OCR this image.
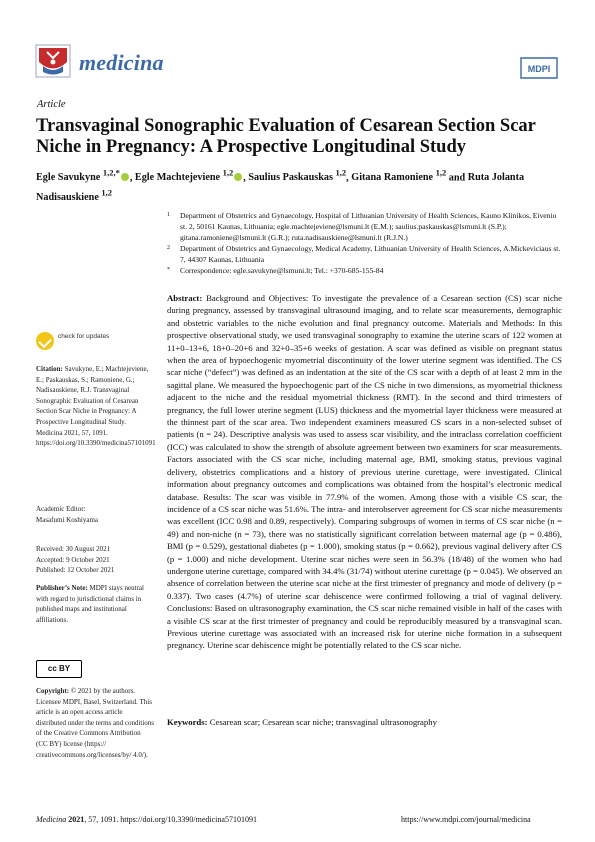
medicina	MDPI
Article
Transvaginal Sonographic Evaluation of Cesarean Section Scar Niche in Pregnancy: A Prospective Longitudinal Study
Egle Savukyne $^{1,2,*}$ , Egle Machtejeviene $^{1,2}$ , Saulius Paskauskas $^{1,2}$, Gitana Ramoniene $^{1,2}$ and Ruta Jolanta Nadisauskiene $^{1,2}$
1 Department of Obstetrics and Gynaecology, Hospital of Lithuanian University of Health Sciences, Kauno Klinikos, Eiveniu st. 2, 50161 Kaunas, Lithuania; egle.machtejeviene@lsmuni.lt (E.M.); saulius.paskauskas@lsmuni.lt (S.P.); gitana.ramoniene@lsmuni.lt (G.R.); ruta.nadisauskiene@lsmuni.lt (R.J.N.)
2 Department of Obstetrics and Gynaecology, Medical Academy, Lithuanian University of Health Sciences, A.Mickeviciaus st. 7, 44307 Kaunas, Lithuania
* Correspondence: egle.savukyne@lsmuni.lt; Tel.: +370-685-155-84
Abstract: Background and Objectives: To investigate the prevalence of a Cesarean section (CS) scar niche during pregnancy, assessed by transvaginal ultrasound imaging, and to relate scar measurements, demographic and obstetric variables to the niche evolution and final pregnancy outcome. Materials and Methods: In this prospective observational study, we used transvaginal sonography to examine the uterine scars of 122 women at 11+0–13+6, 18+0–20+6 and 32+0–35+6 weeks of gestation. A scar was defined as visible on pregnant status when the area of hypoechogenic myometrial discontinuity of the lower uterine segment was identified. The CS scar niche (“defect”) was defined as an indentation at the site of the CS scar with a depth of at least 2 mm in the sagittal plane. We measured the hypoechogenic part of the CS niche in two dimensions, as myometrial thickness adjacent to the niche and the residual myometrial thickness (RMT). In the second and third trimesters of pregnancy, the full lower uterine segment (LUS) thickness and the myometrial layer thickness were measured at the thinnest part of the scar area. Two independent examiners measured CS scars in a non-selected subset of patients (n = 24). Descriptive analysis was used to assess scar visibility, and the intraclass correlation coefficient (ICC) was calculated to show the strength of absolute agreement between two examiners for scar measurements. Factors associated with the CS scar niche, including maternal age, BMI, smoking status, previous vaginal delivery, obstetrics complications and a history of previous uterine curettage, were investigated. Clinical information about pregnancy outcomes and complications was obtained from the hospital’s electronic medical database. Results: The scar was visible in 77.9% of the women. Among those with a visible CS scar, the incidence of a CS scar niche was 51.6%. The intra- and interobserver agreement for CS scar niche measurements was excellent (ICC 0.98 and 0.89, respectively). Comparing subgroups of women in terms of CS scar niche (n = 49) and non-niche (n = 73), there was no statistically significant correlation between maternal age (p = 0.486), BMI (p = 0.529), gestational diabetes (p = 1.000), smoking status (p = 0.662), previous vaginal delivery after CS (p = 1.000) and niche development. Uterine scar niches were seen in 56.3% (18/48) of the women who had undergone uterine curettage, compared with 34.4% (31/74) without uterine curettage (p = 0.045). We observed an absence of correlation between the uterine scar niche at the first trimester of pregnancy and mode of delivery (p = 0.337). Two cases (4.7%) of uterine scar dehiscence were confirmed following a trial of vaginal delivery. Conclusions: Based on ultrasonography examination, the CS scar niche remained visible in half of the cases with a visible CS scar at the first trimester of pregnancy and could be reproducibly measured by a transvaginal scan. Previous uterine curettage was associated with an increased risk for uterine niche formation in a subsequent pregnancy. Uterine scar dehiscence might be potentially related to the CS scar niche.
Keywords: Cesarean scar; Cesarean scar niche; transvaginal ultrasonography
check for updates
Citation: Savukyne, E.; Machtejeviene, E.; Paskauskas, S.; Ramoniene, G.; Nadisauskiene, R.J. Transvaginal Sonographic Evaluation of Cesarean Section Scar Niche in Pregnancy: A Prospective Longitudinal Study. Medicina 2021, 57, 1091. https://doi.org/10.3390/medicina57101091
Academic Editor:
Masafumi Koshiyama
Received: 30 August 2021
Accepted: 9 October 2021
Published: 12 October 2021
Publisher’s Note: MDPI stays neutral with regard to jurisdictional claims in published maps and institutional affiliations.
cc BY
Copyright: © 2021 by the authors. Licensee MDPI, Basel, Switzerland. This article is an open access article distributed under the terms and conditions of the Creative Commons Attribution (CC BY) license (https:// creativecommons.org/licenses/by/ 4.0/).
Medicina 2021, 57, 1091. https://doi.org/10.3390/medicina57101091	https://www.mdpi.com/journal/medicina
